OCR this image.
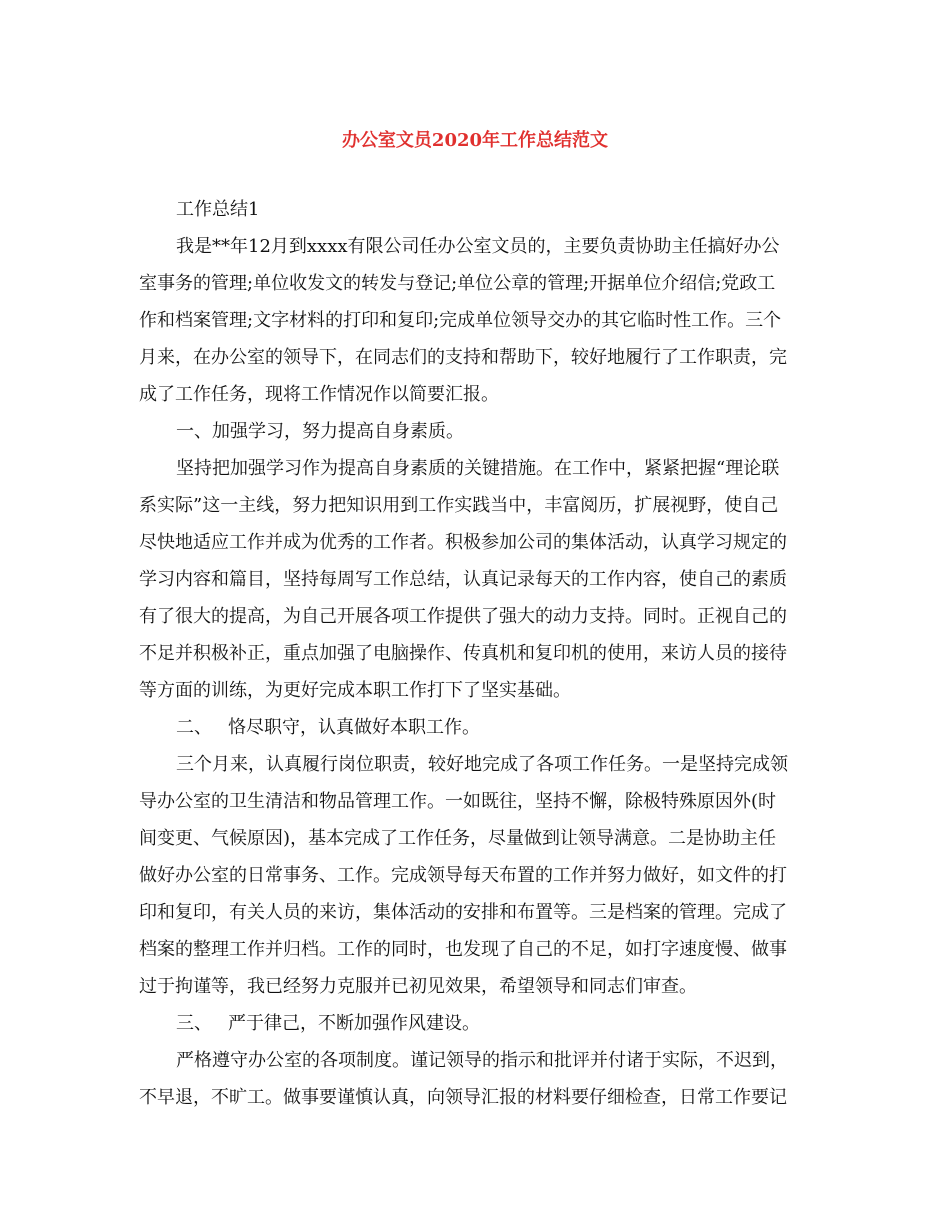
办公室文员2020年工作总结范文
工作总结1
我是**年12月到xxxx有限公司任办公室文员的，主要负责协助主任搞好办公
室事务的管理;单位收发文的转发与登记;单位公章的管理;开据单位介绍信;党政工
作和档案管理;文字材料的打印和复印;完成单位领导交办的其它临时性工作。三个
月来，在办公室的领导下，在同志们的支持和帮助下，较好地履行了工作职责，完
成了工作任务，现将工作情况作以简要汇报。
一、加强学习，努力提高自身素质。
坚持把加强学习作为提高自身素质的关键措施。在工作中，紧紧把握“理论联
系实际”这一主线，努力把知识用到工作实践当中，丰富阅历，扩展视野，使自己
尽快地适应工作并成为优秀的工作者。积极参加公司的集体活动，认真学习规定的
学习内容和篇目，坚持每周写工作总结，认真记录每天的工作内容，使自己的素质
有了很大的提高，为自己开展各项工作提供了强大的动力支持。同时。正视自己的
不足并积极补正，重点加强了电脑操作、传真机和复印机的使用，来访人员的接待
等方面的训练，为更好完成本职工作打下了坚实基础。
二、 恪尽职守，认真做好本职工作。
三个月来，认真履行岗位职责，较好地完成了各项工作任务。一是坚持完成领
导办公室的卫生清洁和物品管理工作。一如既往，坚持不懈，除极特殊原因外(时
间变更、气候原因)，基本完成了工作任务，尽量做到让领导满意。二是协助主任
做好办公室的日常事务、工作。完成领导每天布置的工作并努力做好，如文件的打
印和复印，有关人员的来访，集体活动的安排和布置等。三是档案的管理。完成了
档案的整理工作并归档。工作的同时，也发现了自己的不足，如打字速度慢、做事
过于拘谨等，我已经努力克服并已初见效果，希望领导和同志们审查。
三、 严于律己，不断加强作风建设。
严格遵守办公室的各项制度。谨记领导的指示和批评并付诸于实际，不迟到，
不早退，不旷工。做事要谨慎认真，向领导汇报的材料要仔细检查，日常工作要记
